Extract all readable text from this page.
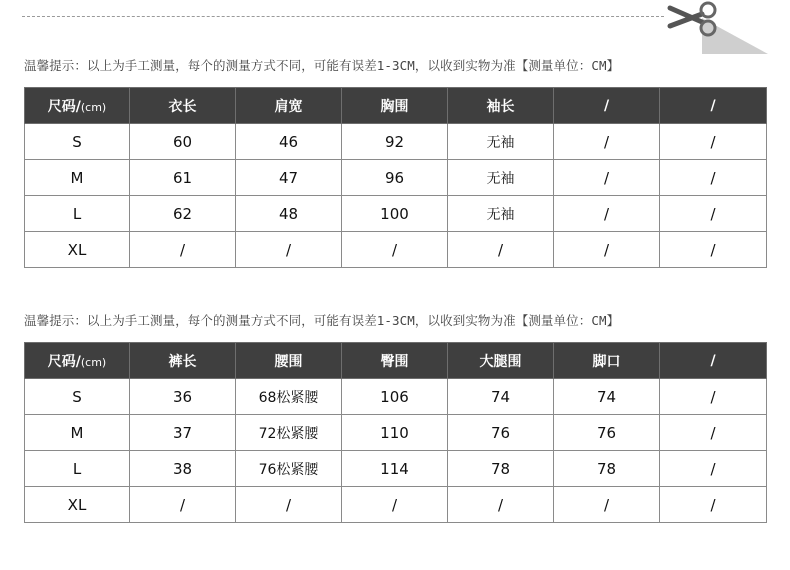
温馨提示：以上为手工测量，每个的测量方式不同，可能有误差1-3CM，以收到实物为准【测量单位：CM】
尺码/(cm)	衣长	肩宽	胸围	袖长	/	/
S	60	46	92	无袖	/	/
M	61	47	96	无袖	/	/
L	62	48	100	无袖	/	/
XL	/	/	/	/	/	/
温馨提示：以上为手工测量，每个的测量方式不同，可能有误差1-3CM，以收到实物为准【测量单位：CM】
尺码/(cm)	裤长	腰围	臀围	大腿围	脚口	/
S	36	68松紧腰	106	74	74	/
M	37	72松紧腰	110	76	76	/
L	38	76松紧腰	114	78	78	/
XL	/	/	/	/	/	/
